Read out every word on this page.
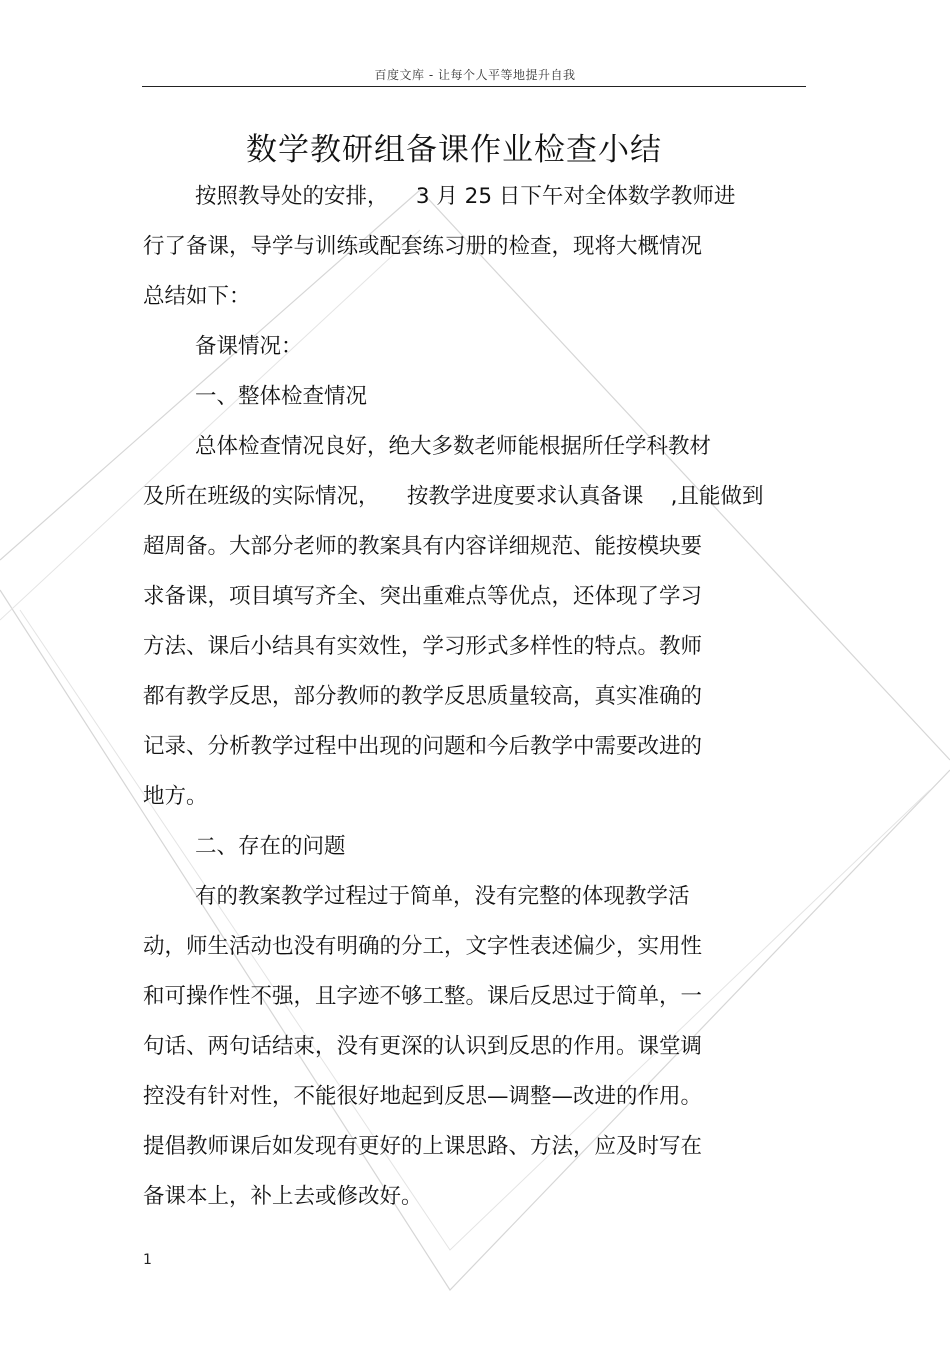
百度文库 - 让每个人平等地提升自我
数学教研组备课作业检查小结
按照教导处的安排，    3 月 25 日下午对全体数学教师进
行了备课，导学与训练或配套练习册的检查，现将大概情况
总结如下：
备课情况：
一、整体检查情况
总体检查情况良好，绝大多数老师能根据所任学科教材
及所在班级的实际情况，    按教学进度要求认真备课    ,且能做到
超周备。大部分老师的教案具有内容详细规范、能按模块要
求备课，项目填写齐全、突出重难点等优点，还体现了学习
方法、课后小结具有实效性，学习形式多样性的特点。教师
都有教学反思，部分教师的教学反思质量较高，真实准确的
记录、分析教学过程中出现的问题和今后教学中需要改进的
地方。
二、存在的问题
有的教案教学过程过于简单，没有完整的体现教学活
动，师生活动也没有明确的分工，文字性表述偏少，实用性
和可操作性不强，且字迹不够工整。课后反思过于简单，一
句话、两句话结束，没有更深的认识到反思的作用。课堂调
控没有针对性，不能很好地起到反思—调整—改进的作用。
提倡教师课后如发现有更好的上课思路、方法，应及时写在
备课本上，补上去或修改好。
1
